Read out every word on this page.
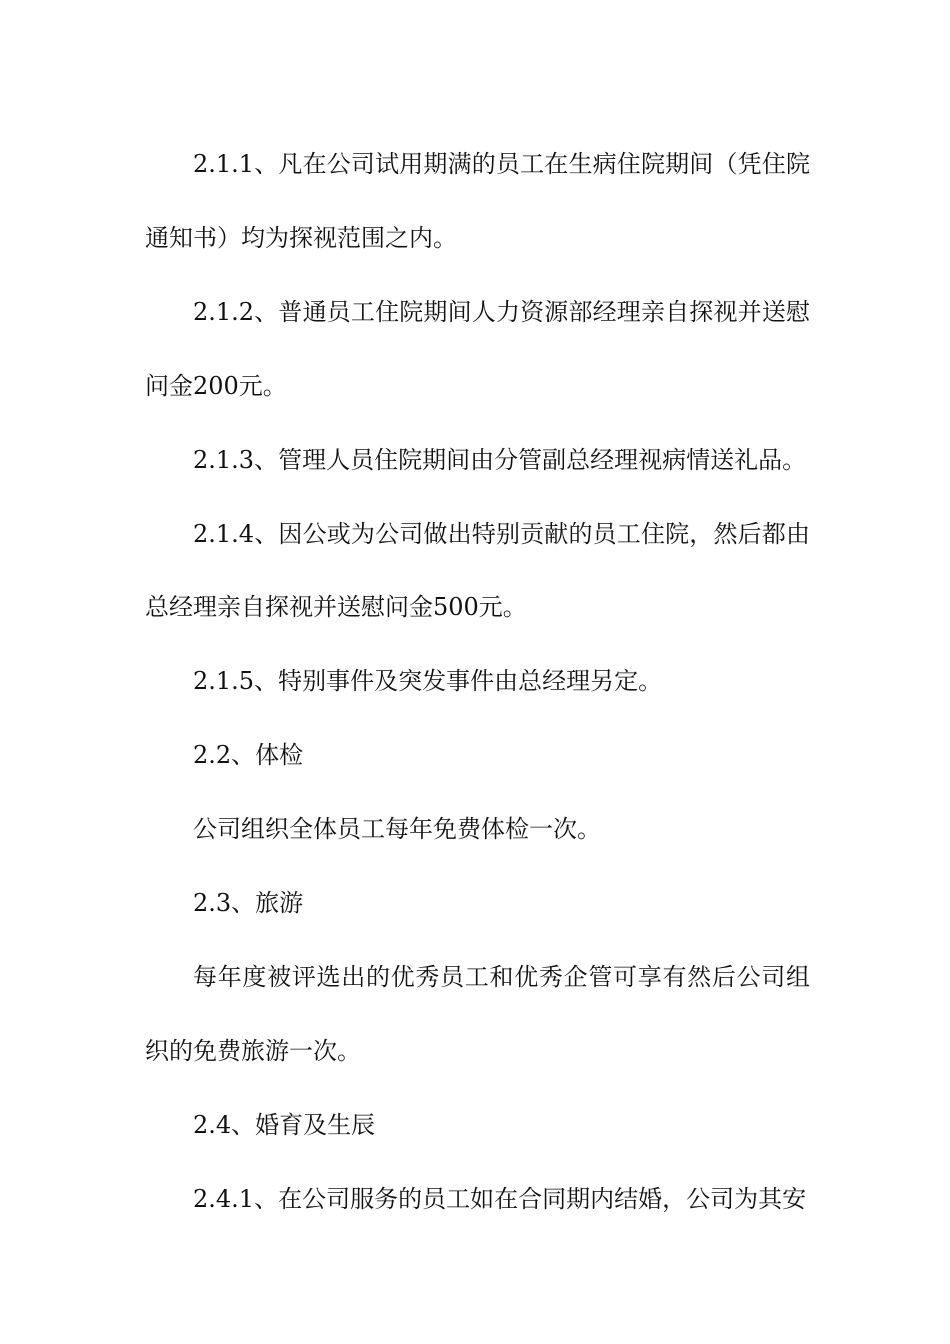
2.1.1、凡在公司试用期满的员工在生病住院期间（凭住院通知书）均为探视范围之内。

2.1.2、普通员工住院期间人力资源部经理亲自探视并送慰问金200元。

2.1.3、管理人员住院期间由分管副总经理视病情送礼品。

2.1.4、因公或为公司做出特别贡献的员工住院，然后都由总经理亲自探视并送慰问金500元。

2.1.5、特别事件及突发事件由总经理另定。

2.2、体检

公司组织全体员工每年免费体检一次。

2.3、旅游

每年度被评选出的优秀员工和优秀企管可享有然后公司组织的免费旅游一次。

2.4、婚育及生辰

2.4.1、在公司服务的员工如在合同期内结婚，公司为其安
